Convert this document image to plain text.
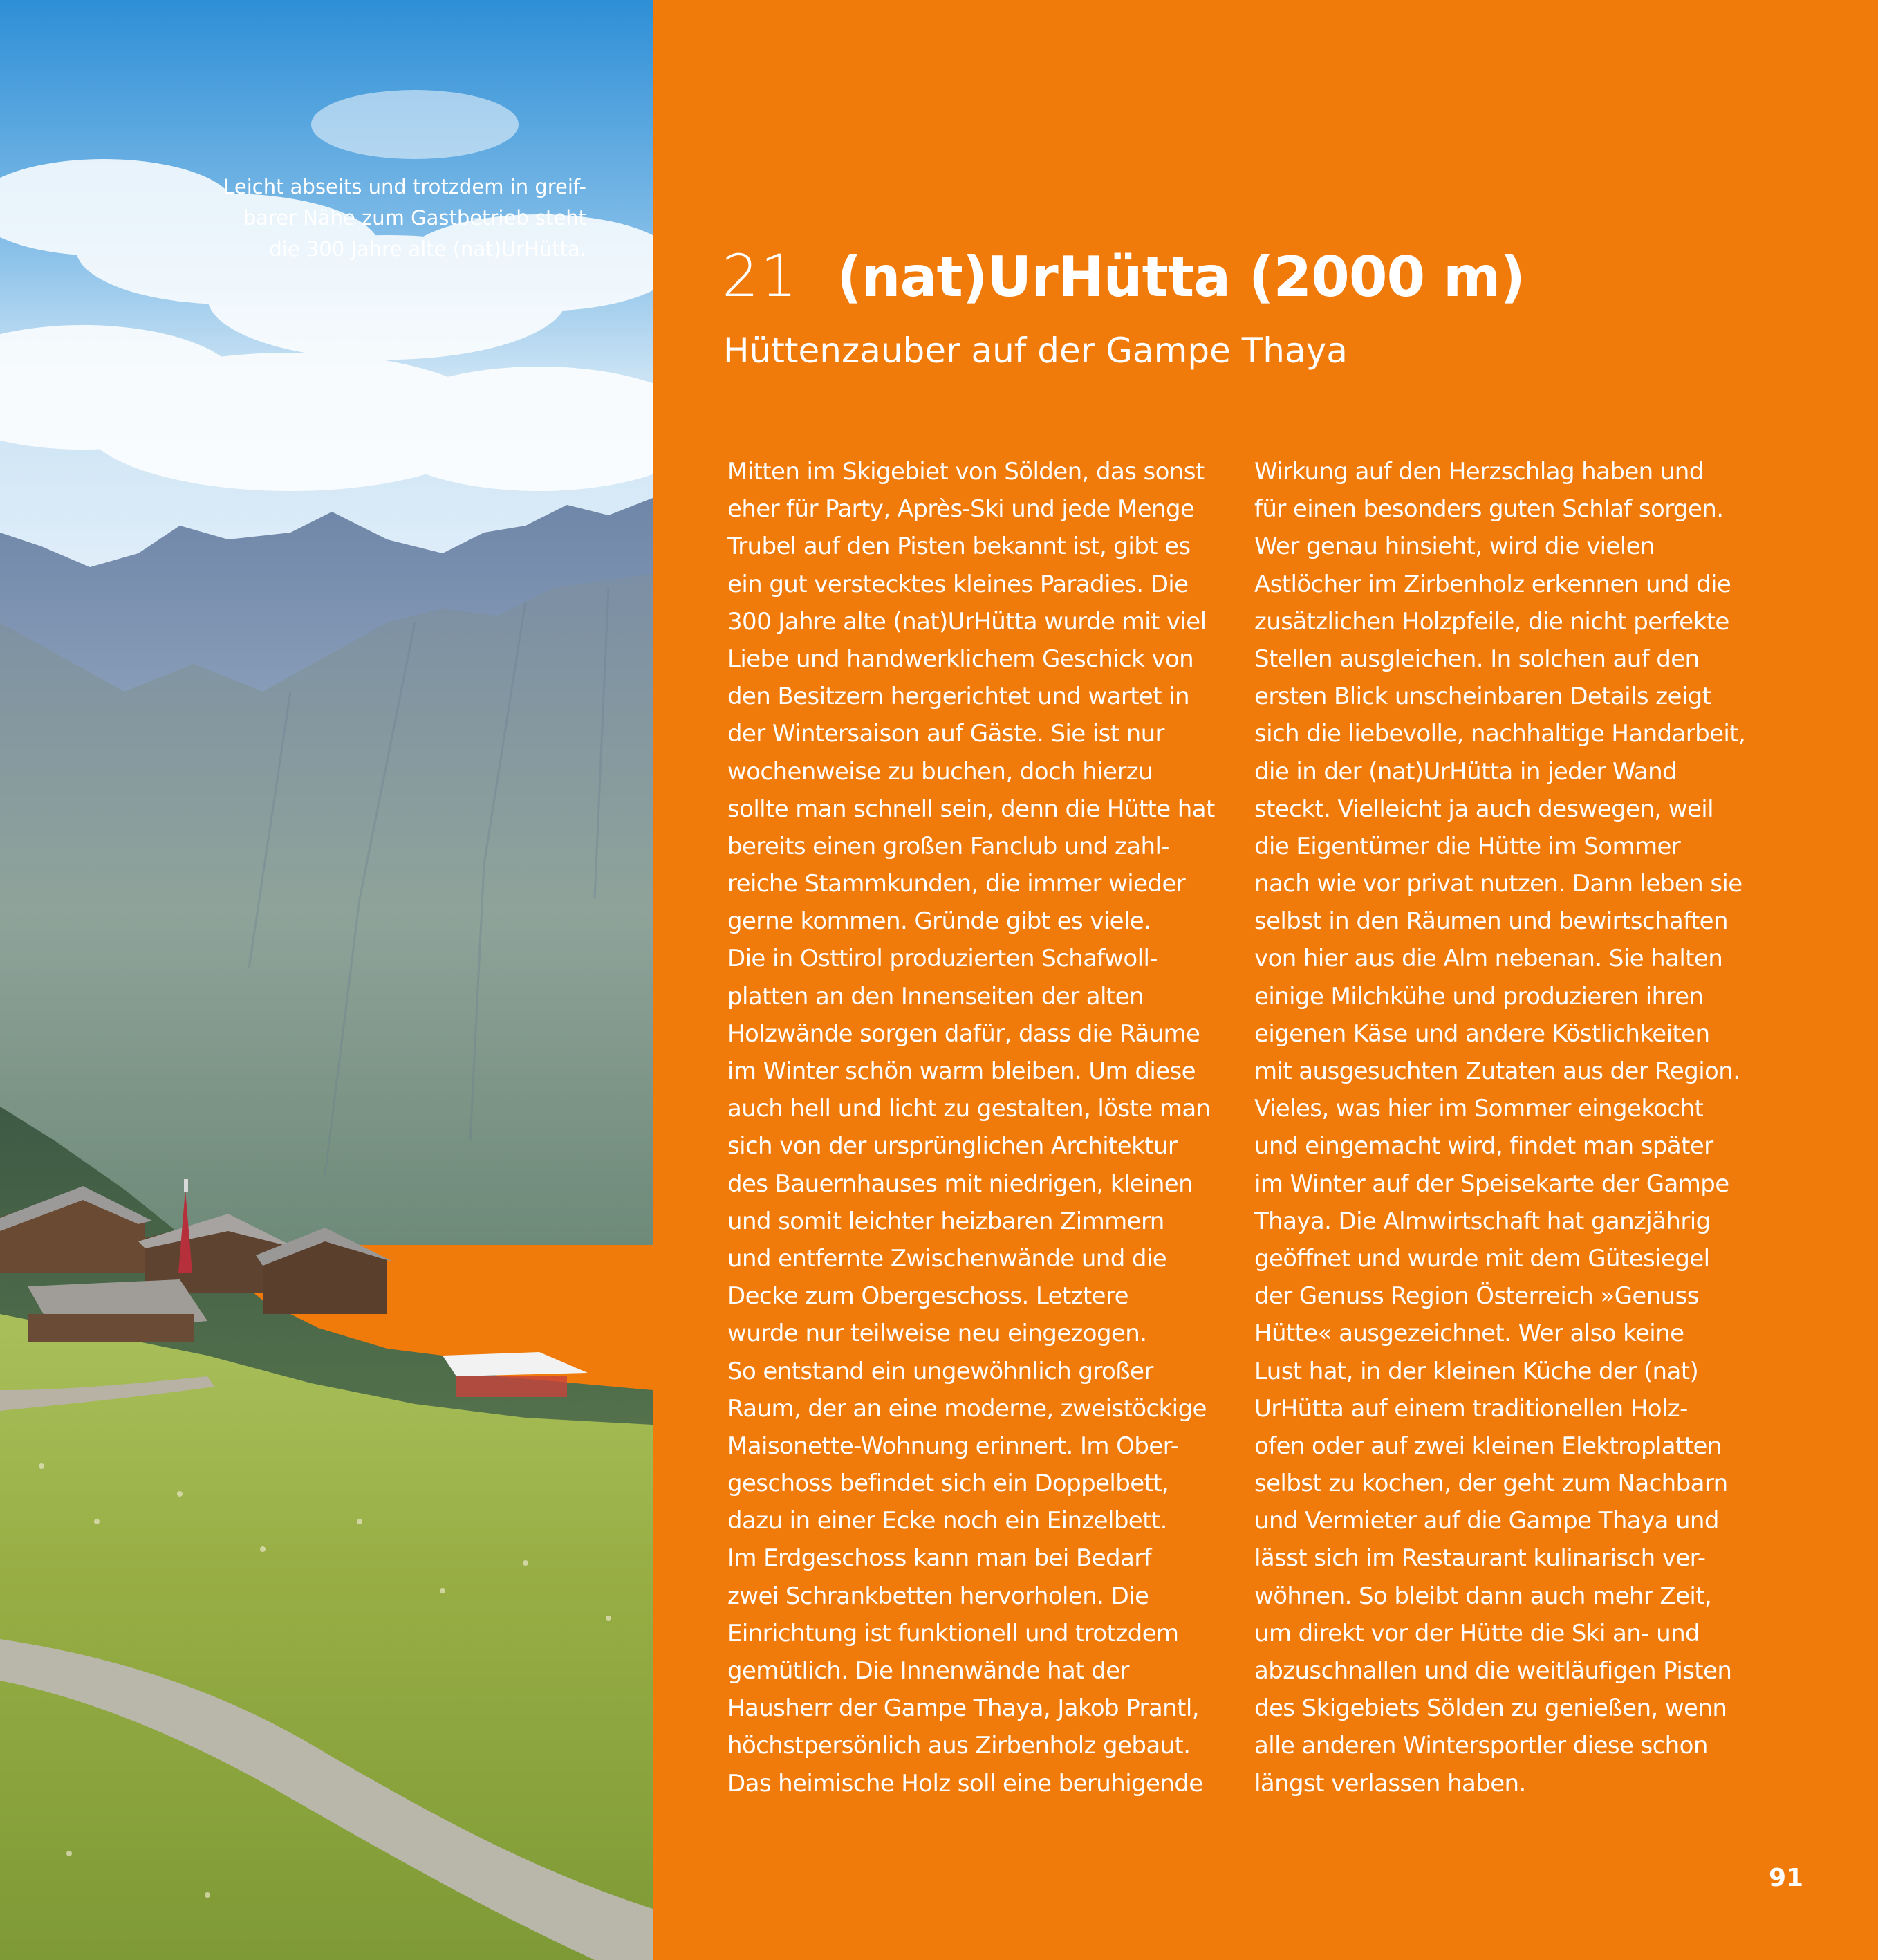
Leicht abseits und trotzdem in greif-
barer Nähe zum Gastbetrieb steht
die 300 Jahre alte (nat)UrHütta. 21 (nat)UrHütta (2000 m)
Hüttenzauber auf der Gampe Thaya
Mitten im Skigebiet von Sölden, das sonst
eher für Party, Après-Ski und jede Menge
Trubel auf den Pisten bekannt ist, gibt es
ein gut verstecktes kleines Paradies. Die
300 Jahre alte (nat)UrHütta wurde mit viel
Liebe und handwerklichem Geschick von
den Besitzern hergerichtet und wartet in
der Wintersaison auf Gäste. Sie ist nur
wochenweise zu buchen, doch hierzu
sollte man schnell sein, denn die Hütte hat
bereits einen großen Fanclub und zahl-
reiche Stammkunden, die immer wieder
gerne kommen. Gründe gibt es viele.
Die in Osttirol produzierten Schafwoll-
platten an den Innenseiten der alten
Holzwände sorgen dafür, dass die Räume
im Winter schön warm bleiben. Um diese
auch hell und licht zu gestalten, löste man
sich von der ursprünglichen Architektur
des Bauernhauses mit niedrigen, kleinen
und somit leichter heizbaren Zimmern
und entfernte Zwischenwände und die
Decke zum Obergeschoss. Letztere
wurde nur teilweise neu eingezogen.
So entstand ein ungewöhnlich großer
Raum, der an eine moderne, zweistöckige
Maisonette-Wohnung erinnert. Im Ober-
geschoss befindet sich ein Doppelbett,
dazu in einer Ecke noch ein Einzelbett.
Im Erdgeschoss kann man bei Bedarf
zwei Schrankbetten hervorholen. Die
Einrichtung ist funktionell und trotzdem
gemütlich. Die Innenwände hat der
Hausherr der Gampe Thaya, Jakob Prantl,
höchstpersönlich aus Zirbenholz gebaut.
Das heimische Holz soll eine beruhigende
Wirkung auf den Herzschlag haben und
für einen besonders guten Schlaf sorgen.
Wer genau hinsieht, wird die vielen
Astlöcher im Zirbenholz erkennen und die
zusätzlichen Holzpfeile, die nicht perfekte
Stellen ausgleichen. In solchen auf den
ersten Blick unscheinbaren Details zeigt
sich die liebevolle, nachhaltige Handarbeit,
die in der (nat)UrHütta in jeder Wand
steckt. Vielleicht ja auch deswegen, weil
die Eigentümer die Hütte im Sommer
nach wie vor privat nutzen. Dann leben sie
selbst in den Räumen und bewirtschaften
von hier aus die Alm nebenan. Sie halten
einige Milchkühe und produzieren ihren
eigenen Käse und andere Köstlichkeiten
mit ausgesuchten Zutaten aus der Region.
Vieles, was hier im Sommer eingekocht
und eingemacht wird, findet man später
im Winter auf der Speisekarte der Gampe
Thaya. Die Almwirtschaft hat ganzjährig
geöffnet und wurde mit dem Gütesiegel
der Genuss Region Österreich »Genuss
Hütte« ausgezeichnet. Wer also keine
Lust hat, in der kleinen Küche der (nat)
UrHütta auf einem traditionellen Holz-
ofen oder auf zwei kleinen Elektroplatten
selbst zu kochen, der geht zum Nachbarn
und Vermieter auf die Gampe Thaya und
lässt sich im Restaurant kulinarisch ver-
wöhnen. So bleibt dann auch mehr Zeit,
um direkt vor der Hütte die Ski an- und
abzuschnallen und die weitläufigen Pisten
des Skigebiets Sölden zu genießen, wenn
alle anderen Wintersportler diese schon
längst verlassen haben.
91
